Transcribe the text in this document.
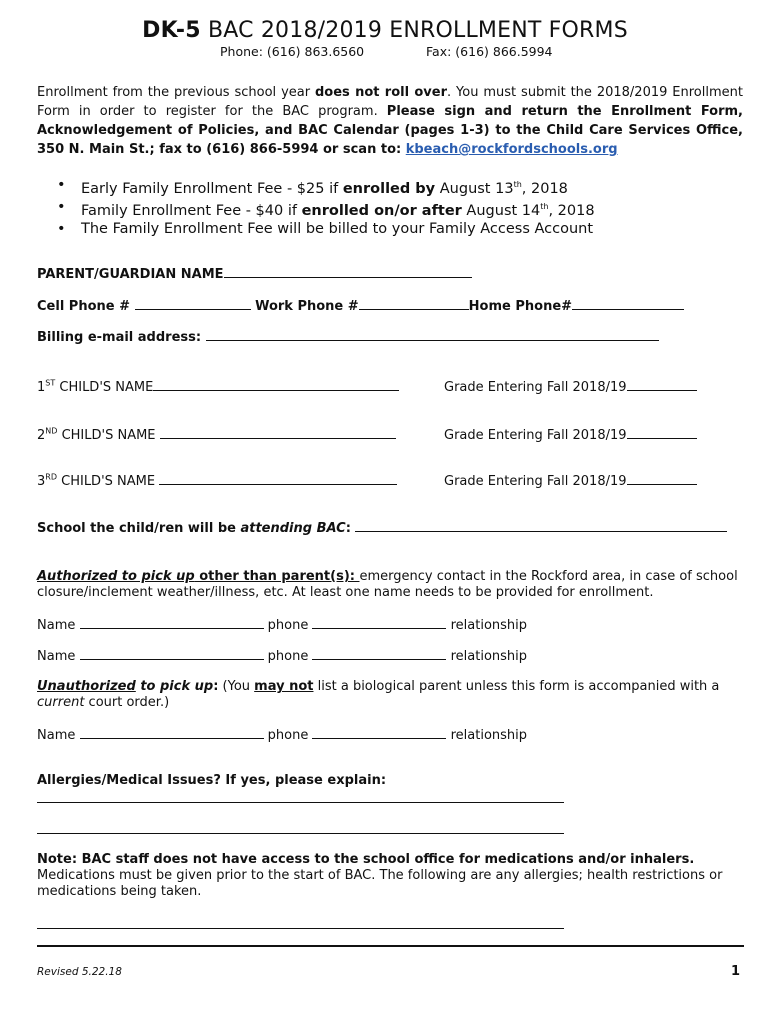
DK-5 BAC 2018/2019 ENROLLMENT FORMS
Phone: (616) 863.6560	Fax: (616) 866.5994
Enrollment from the previous school year does not roll over. You must submit the 2018/2019 Enrollment Form in order to register for the BAC program. Please sign and return the Enrollment Form, Acknowledgement of Policies, and BAC Calendar (pages 1-3) to the Child Care Services Office, 350 N. Main St.; fax to (616) 866-5994 or scan to: kbeach@rockfordschools.org
• Early Family Enrollment Fee - $25 if enrolled by August 13th, 2018
• Family Enrollment Fee - $40 if enrolled on/or after August 14th, 2018
• The Family Enrollment Fee will be billed to your Family Access Account
PARENT/GUARDIAN NAME
Cell Phone #	Work Phone #	Home Phone#
Billing e-mail address:
1ST CHILD'S NAME	Grade Entering Fall 2018/19
2ND CHILD'S NAME	Grade Entering Fall 2018/19
3RD CHILD'S NAME	Grade Entering Fall 2018/19
School the child/ren will be attending BAC:
Authorized to pick up other than parent(s): emergency contact in the Rockford area, in case of school
closure/inclement weather/illness, etc. At least one name needs to be provided for enrollment.
Name	phone	relationship
Name	phone	relationship
Unauthorized to pick up: (You may not list a biological parent unless this form is accompanied with a
current court order.)
Name	phone	relationship
Allergies/Medical Issues? If yes, please explain:
Note: BAC staff does not have access to the school office for medications and/or inhalers.
Medications must be given prior to the start of BAC. The following are any allergies; health restrictions or
medications being taken.
Revised 5.22.18	1
